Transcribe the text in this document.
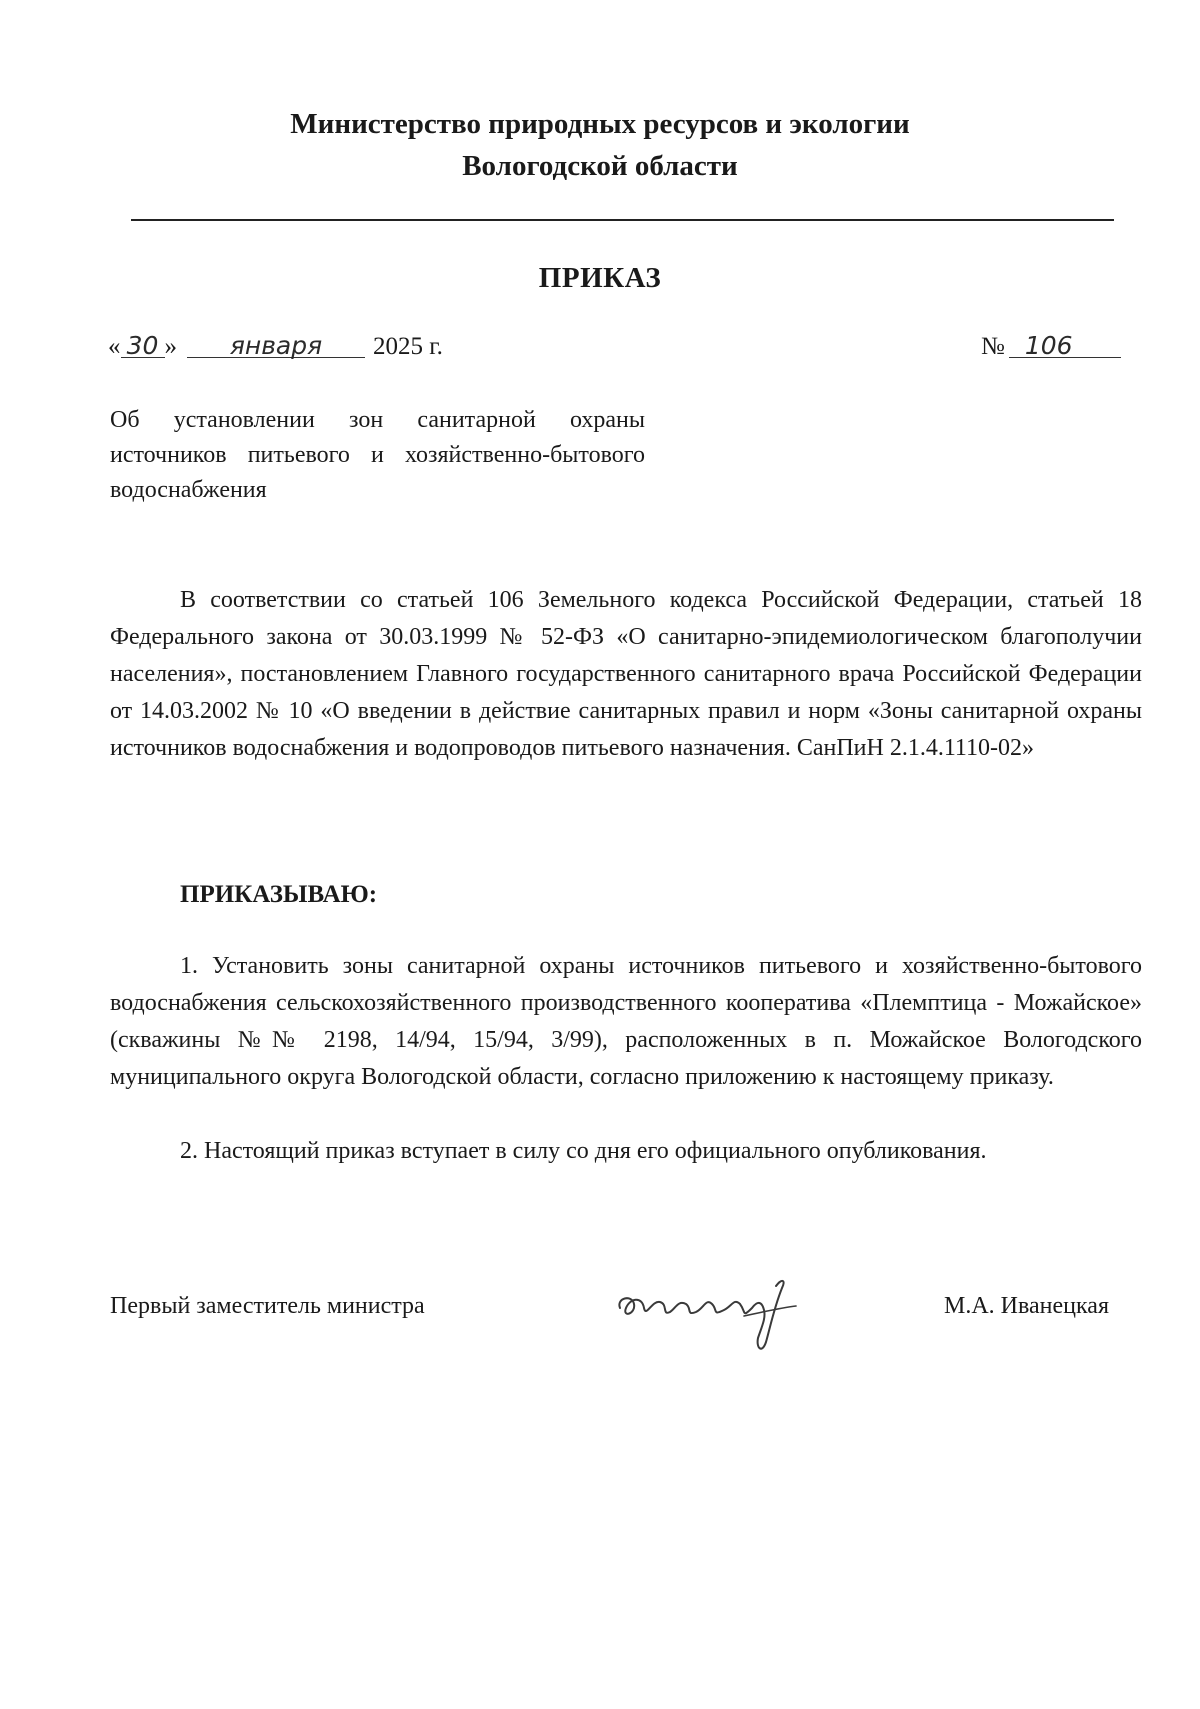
Министерство природных ресурсов и экологии
Вологодской области
ПРИКАЗ
« 30 » января 2025 г.	№ 106
Об установлении зон санитарной охраны источников питьевого и хозяйственно-бытового водоснабжения
В соответствии со статьей 106 Земельного кодекса Российской Федерации, статьей 18 Федерального закона от 30.03.1999 № 52-ФЗ «О санитарно-эпидемиологическом благополучии населения», постановлением Главного государственного санитарного врача Российской Федерации от 14.03.2002 № 10 «О введении в действие санитарных правил и норм «Зоны санитарной охраны источников водоснабжения и водопроводов питьевого назначения. СанПиН 2.1.4.1110-02»
ПРИКАЗЫВАЮ:
1. Установить зоны санитарной охраны источников питьевого и хозяйственно-бытового водоснабжения сельскохозяйственного производственного кооператива «Племптица - Можайское» (скважины №№ 2198, 14/94, 15/94, 3/99), расположенных в п. Можайское Вологодского муниципального округа Вологодской области, согласно приложению к настоящему приказу.
2. Настоящий приказ вступает в силу со дня его официального опубликования.
Первый заместитель министра	М.А. Иванецкая
